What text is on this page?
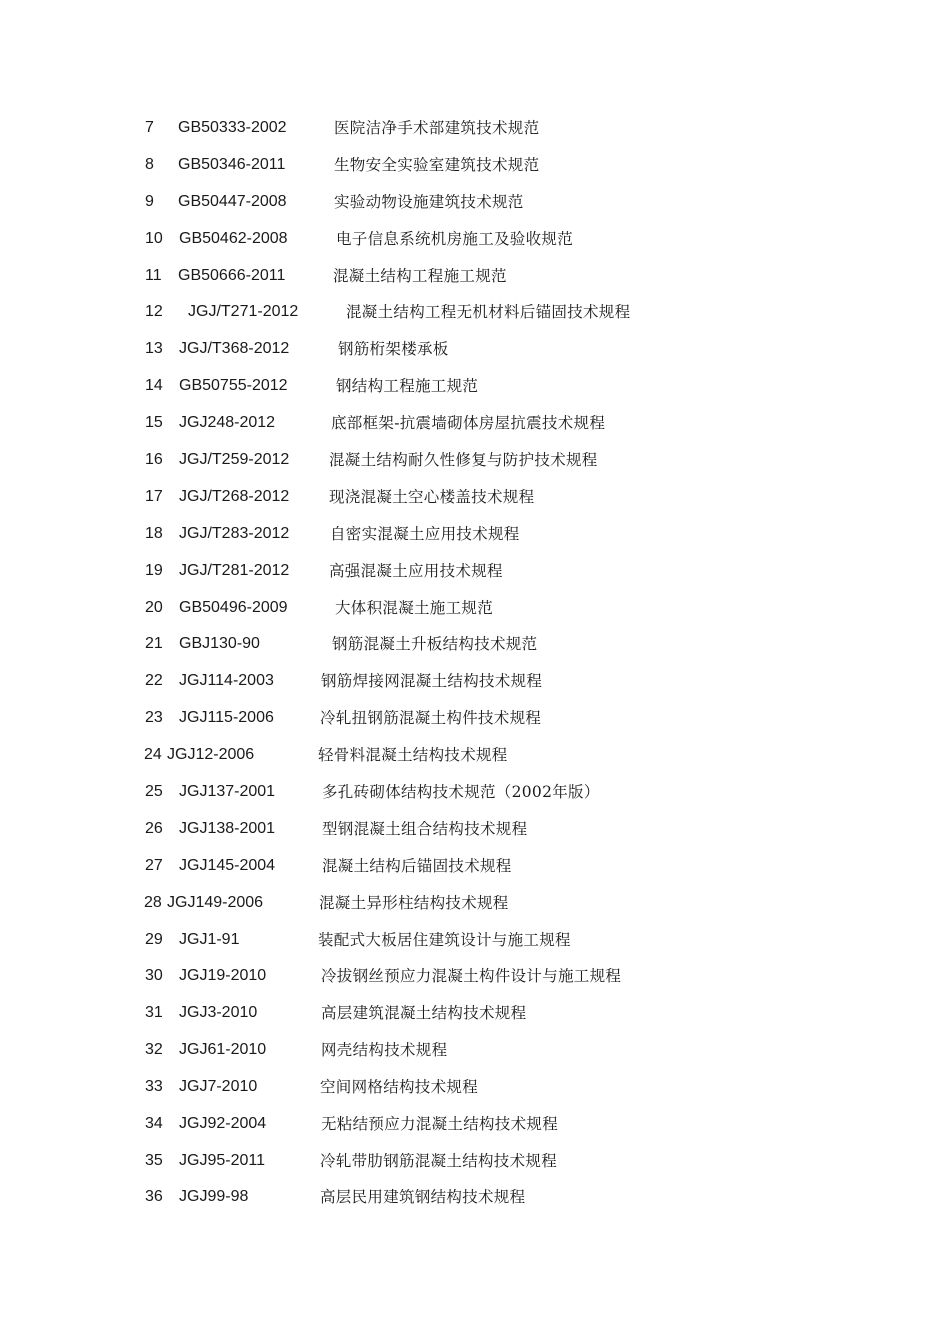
7 GB50333-2002	医院洁净手术部建筑技术规范
8 GB50346-2011	生物安全实验室建筑技术规范
9 GB50447-2008	实验动物设施建筑技术规范
10 GB50462-2008	电子信息系统机房施工及验收规范
11 GB50666-2011	混凝土结构工程施工规范
12 JGJ/T271-2012	混凝土结构工程无机材料后锚固技术规程
13 JGJ/T368-2012	钢筋桁架楼承板
14 GB50755-2012	钢结构工程施工规范
15 JGJ248-2012	底部框架-抗震墙砌体房屋抗震技术规程
16 JGJ/T259-2012	混凝土结构耐久性修复与防护技术规程
17 JGJ/T268-2012	现浇混凝土空心楼盖技术规程
18 JGJ/T283-2012	自密实混凝土应用技术规程
19 JGJ/T281-2012	高强混凝土应用技术规程
20 GB50496-2009	大体积混凝土施工规范
21 GBJ130-90	钢筋混凝土升板结构技术规范
22 JGJ114-2003	钢筋焊接网混凝土结构技术规程
23 JGJ115-2006	冷轧扭钢筋混凝土构件技术规程
24 JGJ12-2006	轻骨料混凝土结构技术规程
25 JGJ137-2001	多孔砖砌体结构技术规范（2002年版）
26 JGJ138-2001	型钢混凝土组合结构技术规程
27 JGJ145-2004	混凝土结构后锚固技术规程
28 JGJ149-2006	混凝土异形柱结构技术规程
29 JGJ1-91	装配式大板居住建筑设计与施工规程
30 JGJ19-2010	冷拔钢丝预应力混凝土构件设计与施工规程
31 JGJ3-2010	高层建筑混凝土结构技术规程
32 JGJ61-2010	网壳结构技术规程
33 JGJ7-2010	空间网格结构技术规程
34 JGJ92-2004	无粘结预应力混凝土结构技术规程
35 JGJ95-2011	冷轧带肋钢筋混凝土结构技术规程
36 JGJ99-98	高层民用建筑钢结构技术规程
